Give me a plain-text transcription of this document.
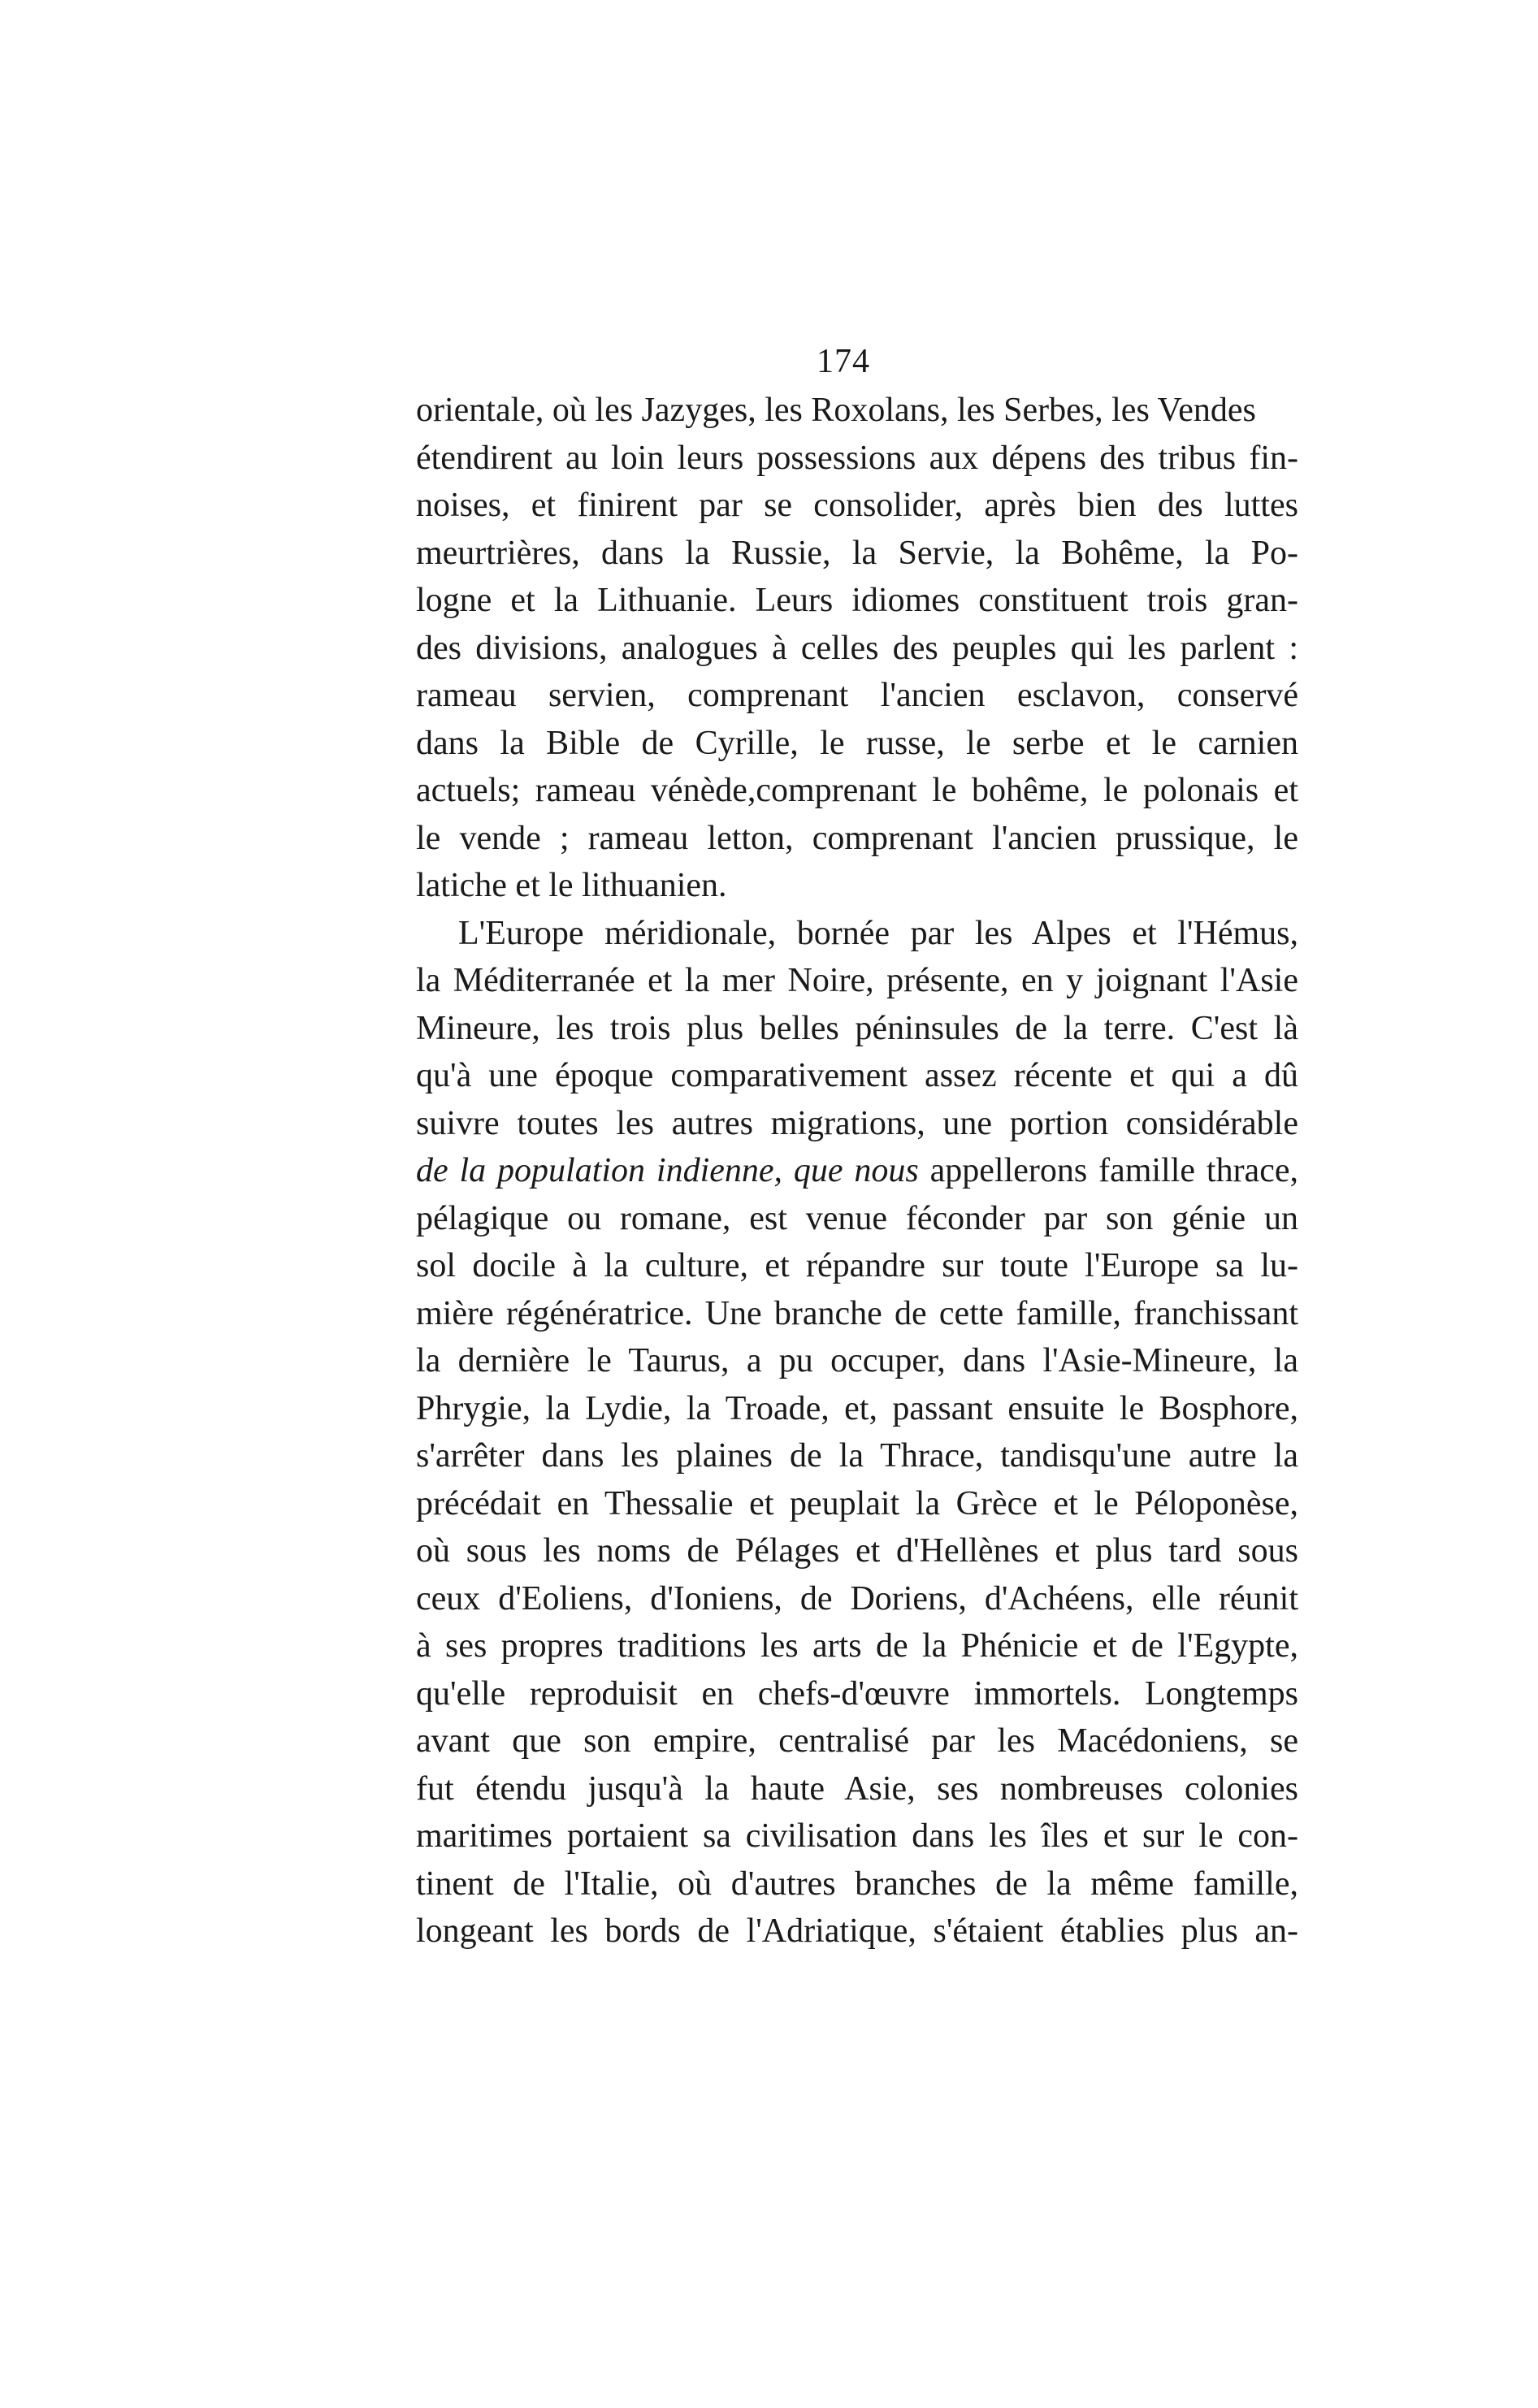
174
orientale, où les Jazyges, les Roxolans, les Serbes, les Vendes
étendirent au loin leurs possessions aux dépens des tribus fin-
noises, et finirent par se consolider, après bien des luttes
meurtrières, dans la Russie, la Servie, la Bohême, la Po-
logne et la Lithuanie. Leurs idiomes constituent trois gran-
des divisions, analogues à celles des peuples qui les parlent :
rameau servien, comprenant l'ancien esclavon, conservé
dans la Bible de Cyrille, le russe, le serbe et le carnien
actuels; rameau vénède,comprenant le bohême, le polonais et
le vende ; rameau letton, comprenant l'ancien prussique, le
latiche et le lithuanien.
L'Europe méridionale, bornée par les Alpes et l'Hémus,
la Méditerranée et la mer Noire, présente, en y joignant l'Asie
Mineure, les trois plus belles péninsules de la terre. C'est là
qu'à une époque comparativement assez récente et qui a dû
suivre toutes les autres migrations, une portion considérable
de la population indienne, que nous appellerons famille thrace,
pélagique ou romane, est venue féconder par son génie un
sol docile à la culture, et répandre sur toute l'Europe sa lu-
mière régénératrice. Une branche de cette famille, franchissant
la dernière le Taurus, a pu occuper, dans l'Asie-Mineure, la
Phrygie, la Lydie, la Troade, et, passant ensuite le Bosphore,
s'arrêter dans les plaines de la Thrace, tandisqu'une autre la
précédait en Thessalie et peuplait la Grèce et le Péloponèse,
où sous les noms de Pélages et d'Hellènes et plus tard sous
ceux d'Eoliens, d'Ioniens, de Doriens, d'Achéens, elle réunit
à ses propres traditions les arts de la Phénicie et de l'Egypte,
qu'elle reproduisit en chefs-d'œuvre immortels. Longtemps
avant que son empire, centralisé par les Macédoniens, se
fut étendu jusqu'à la haute Asie, ses nombreuses colonies
maritimes portaient sa civilisation dans les îles et sur le con-
tinent de l'Italie, où d'autres branches de la même famille,
longeant les bords de l'Adriatique, s'étaient établies plus an-
